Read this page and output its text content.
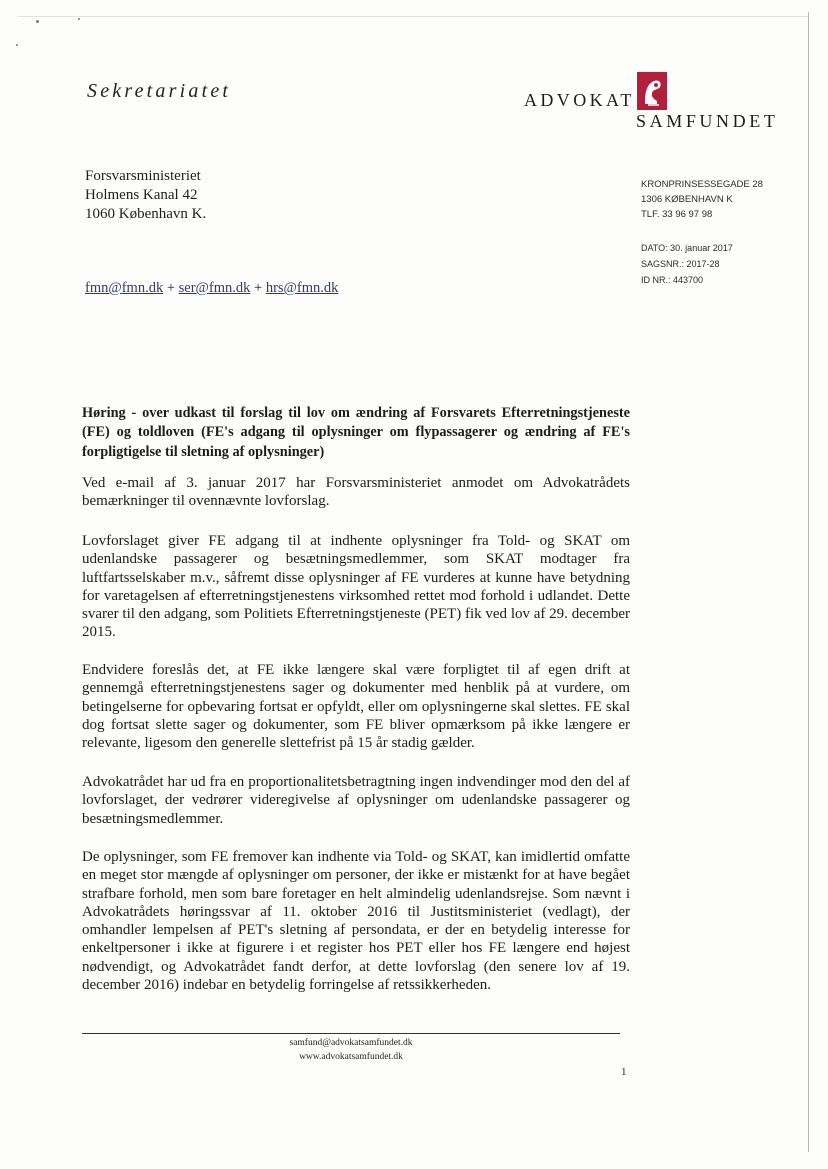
Sekretariatet	ADVOKAT
SAMFUNDET
Forsvarsministeriet
Holmens Kanal 42
1060 København K.
KRONPRINSESSEGADE 28
1306 KØBENHAVN K
TLF. 33 96 97 98
DATO: 30. januar 2017
SAGSNR.: 2017-28
ID NR.: 443700
fmn@fmn.dk + ser@fmn.dk + hrs@fmn.dk
Høring - over udkast til forslag til lov om ændring af Forsvarets Efterretningstjeneste (FE) og toldloven (FE's adgang til oplysninger om flypassagerer og ændring af FE's forpligtigelse til sletning af oplysninger)
Ved e-mail af 3. januar 2017 har Forsvarsministeriet anmodet om Advokatrådets bemærkninger til ovennævnte lovforslag.
Lovforslaget giver FE adgang til at indhente oplysninger fra Told- og SKAT om udenlandske passagerer og besætningsmedlemmer, som SKAT modtager fra luftfartsselskaber m.v., såfremt disse oplysninger af FE vurderes at kunne have betydning for varetagelsen af efterretningstjenestens virksomhed rettet mod forhold i udlandet. Dette svarer til den adgang, som Politiets Efterretningstjeneste (PET) fik ved lov af 29. december 2015.
Endvidere foreslås det, at FE ikke længere skal være forpligtet til af egen drift at gennemgå efterretningstjenestens sager og dokumenter med henblik på at vurdere, om betingelserne for opbevaring fortsat er opfyldt, eller om oplysningerne skal slettes. FE skal dog fortsat slette sager og dokumenter, som FE bliver opmærksom på ikke længere er relevante, ligesom den generelle slettefrist på 15 år stadig gælder.
Advokatrådet har ud fra en proportionalitetsbetragtning ingen indvendinger mod den del af lovforslaget, der vedrører videregivelse af oplysninger om udenlandske passagerer og besætningsmedlemmer.
De oplysninger, som FE fremover kan indhente via Told- og SKAT, kan imidlertid omfatte en meget stor mængde af oplysninger om personer, der ikke er mistænkt for at have begået strafbare forhold, men som bare foretager en helt almindelig udenlandsrejse. Som nævnt i Advokatrådets høringssvar af 11. oktober 2016 til Justitsministeriet (vedlagt), der omhandler lempelsen af PET's sletning af persondata, er der en betydelig interesse for enkeltpersoner i ikke at figurere i et register hos PET eller hos FE længere end højest nødvendigt, og Advokatrådet fandt derfor, at dette lovforslag (den senere lov af 19. december 2016) indebar en betydelig forringelse af retssikkerheden.
samfund@advokatsamfundet.dk
www.advokatsamfundet.dk
1
